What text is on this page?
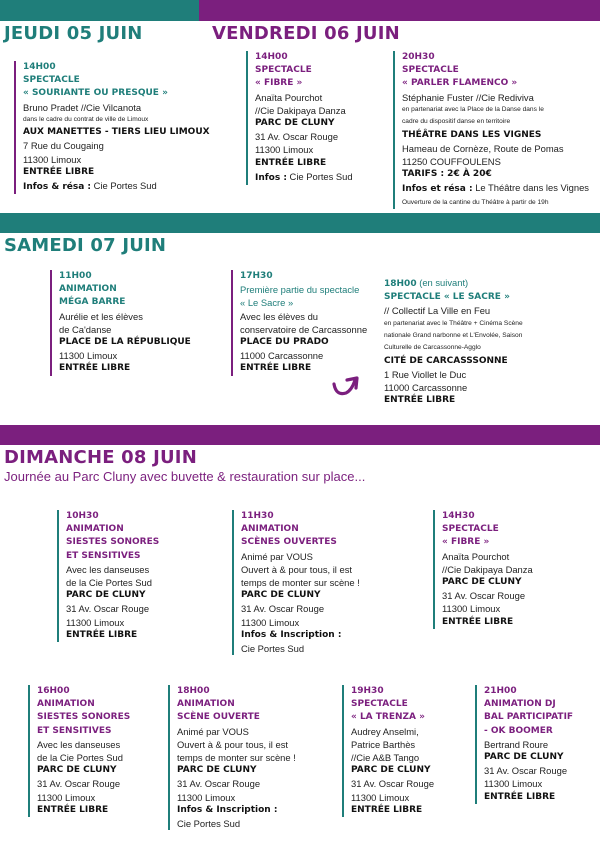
JEUDI 05 JUIN
14H00
SPECTACLE
« SOURIANTE OU PRESQUE »
Bruno Pradet //Cie Vilcanota
dans le cadre du contrat de ville de Limoux
AUX MANETTES - TIERS LIEU LIMOUX
7 Rue du Cougaing
11300 Limoux
ENTRÉE LIBRE
Infos & résa : Cie Portes Sud
VENDREDI 06 JUIN
14H00
SPECTACLE
« FIBRE »
Anaïta Pourchot
//Cie Dakipaya Danza
PARC DE CLUNY
31 Av. Oscar Rouge
11300 Limoux
ENTRÉE LIBRE
Infos : Cie Portes Sud
20H30
SPECTACLE
« PARLER FLAMENCO »
Stéphanie Fuster //Cie Rediviva
en partenariat avec la Place de la Danse dans le
cadre du dispositif danse en territoire
THÉÂTRE DANS LES VIGNES
Hameau de Cornèze, Route de Pomas
11250 COUFFOULENS
TARIFS : 2€ À 20€
Infos et résa : Le Théâtre dans les Vignes
Ouverture de la cantine du Théâtre à partir de 19h
SAMEDI 07 JUIN
11H00
ANIMATION
MÉGA BARRE
Aurélie et les élèves
de Ca'danse
PLACE DE LA RÉPUBLIQUE
11300 Limoux
ENTRÉE LIBRE
17H30
Première partie du spectacle
« Le Sacre »
Avec les élèves du
conservatoire de Carcassonne
PLACE DU PRADO
11000 Carcassonne
ENTRÉE LIBRE
18H00 (en suivant)
SPECTACLE « LE SACRE »
// Collectif La Ville en Feu
en partenariat avec le Théâtre + Cinéma Scène
nationale Grand narbonne et L'Envolée, Saison
Culturelle de Carcassonne-Agglo
CITÉ DE CARCASSSONNE
1 Rue Viollet le Duc
11000 Carcassonne
ENTRÉE LIBRE
DIMANCHE 08 JUIN
Journée au Parc Cluny avec buvette & restauration sur place...
10H30
ANIMATION
SIESTES SONORES
ET SENSITIVES
Avec les danseuses
de la Cie Portes Sud
PARC DE CLUNY
31 Av. Oscar Rouge
11300 Limoux
ENTRÉE LIBRE
11H30
ANIMATION
SCÈNES OUVERTES
Animé par VOUS
Ouvert à & pour tous, il est
temps de monter sur scène !
PARC DE CLUNY
31 Av. Oscar Rouge
11300 Limoux
Infos & Inscription :
Cie Portes Sud
14H30
SPECTACLE
« FIBRE »
Anaïta Pourchot
//Cie Dakipaya Danza
PARC DE CLUNY
31 Av. Oscar Rouge
11300 Limoux
ENTRÉE LIBRE
16H00
ANIMATION
SIESTES SONORES
ET SENSITIVES
Avec les danseuses
de la Cie Portes Sud
PARC DE CLUNY
31 Av. Oscar Rouge
11300 Limoux
ENTRÉE LIBRE
18H00
ANIMATION
SCÈNE OUVERTE
Animé par VOUS
Ouvert à & pour tous, il est
temps de monter sur scène !
PARC DE CLUNY
31 Av. Oscar Rouge
11300 Limoux
Infos & Inscription :
Cie Portes Sud
19H30
SPECTACLE
« LA TRENZA »
Audrey Anselmi,
Patrice Barthès
//Cie A&B Tango
PARC DE CLUNY
31 Av. Oscar Rouge
11300 Limoux
ENTRÉE LIBRE
21H00
ANIMATION DJ
BAL PARTICIPATIF
- OK BOOMER
Bertrand Roure
PARC DE CLUNY
31 Av. Oscar Rouge
11300 Limoux
ENTRÉE LIBRE
